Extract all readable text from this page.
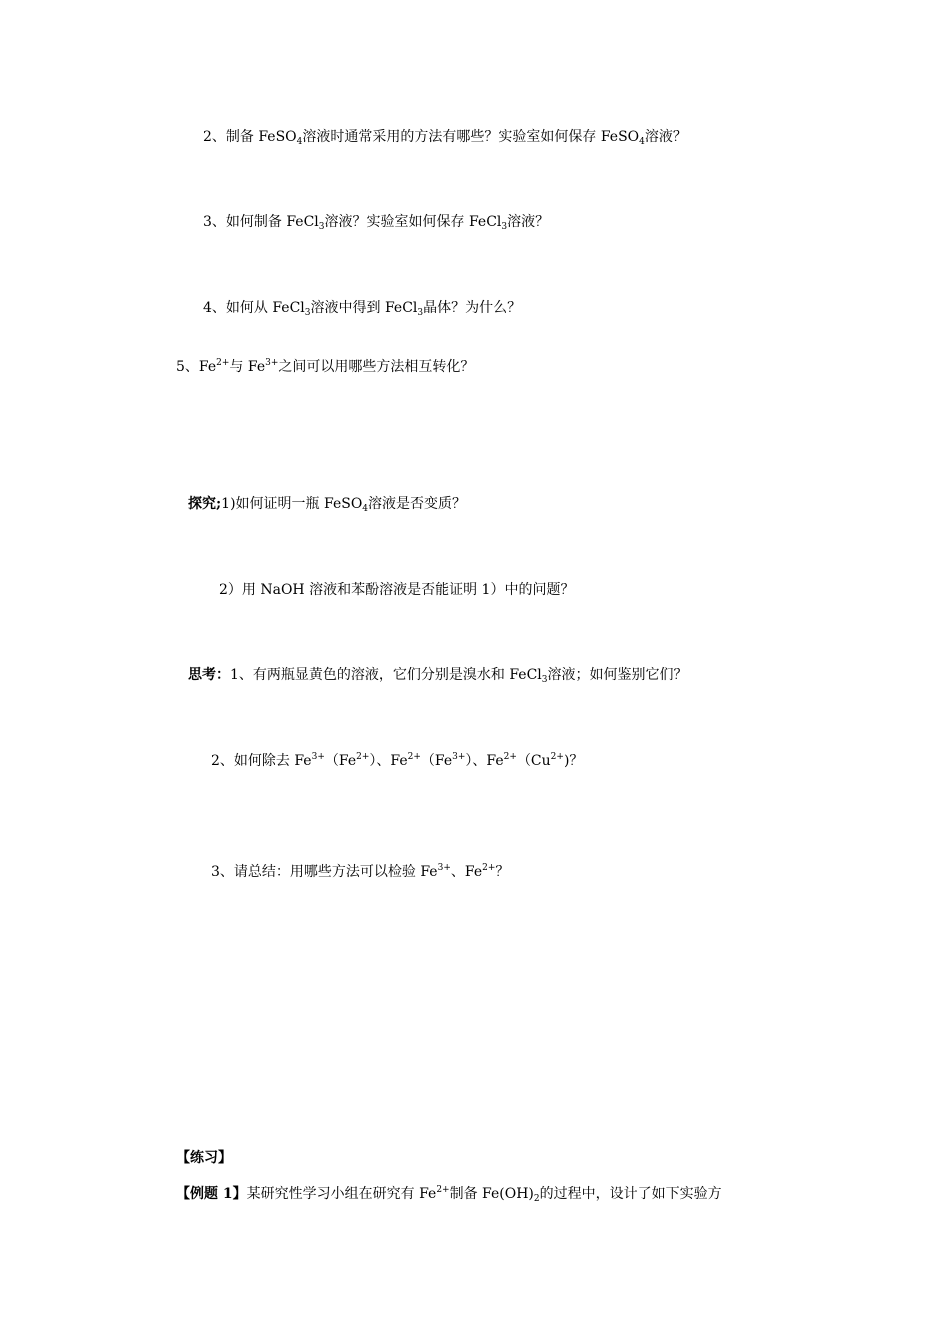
2、制备 FeSO$_4$溶液时通常采用的方法有哪些？实验室如何保存 FeSO$_4$溶液？
3、如何制备 FeCl$_3$溶液？实验室如何保存 FeCl$_3$溶液？
4、如何从 FeCl$_3$溶液中得到 FeCl$_3$晶体？为什么？
5、$Fe^{2+}$与 $Fe^{3+}$之间可以用哪些方法相互转化？
探究;1)如何证明一瓶 FeSO$_4$溶液是否变质？
2）用 NaOH 溶液和苯酚溶液是否能证明 1）中的问题？
思考：1、有两瓶显黄色的溶液，它们分别是溴水和 FeCl$_3$溶液；如何鉴别它们？
2、如何除去 $Fe^{3+}(Fe^{2+})$、$Fe^{2+}(Fe^{3+})$、$Fe^{2+}(Cu^{2+})$？
3、请总结：用哪些方法可以检验 $Fe^{3+}$、$Fe^{2+}$？
【练习】
【例题 1】某研究性学习小组在研究有 $Fe^{2+}$制备 $Fe(OH)_2$的过程中，设计了如下实验方
